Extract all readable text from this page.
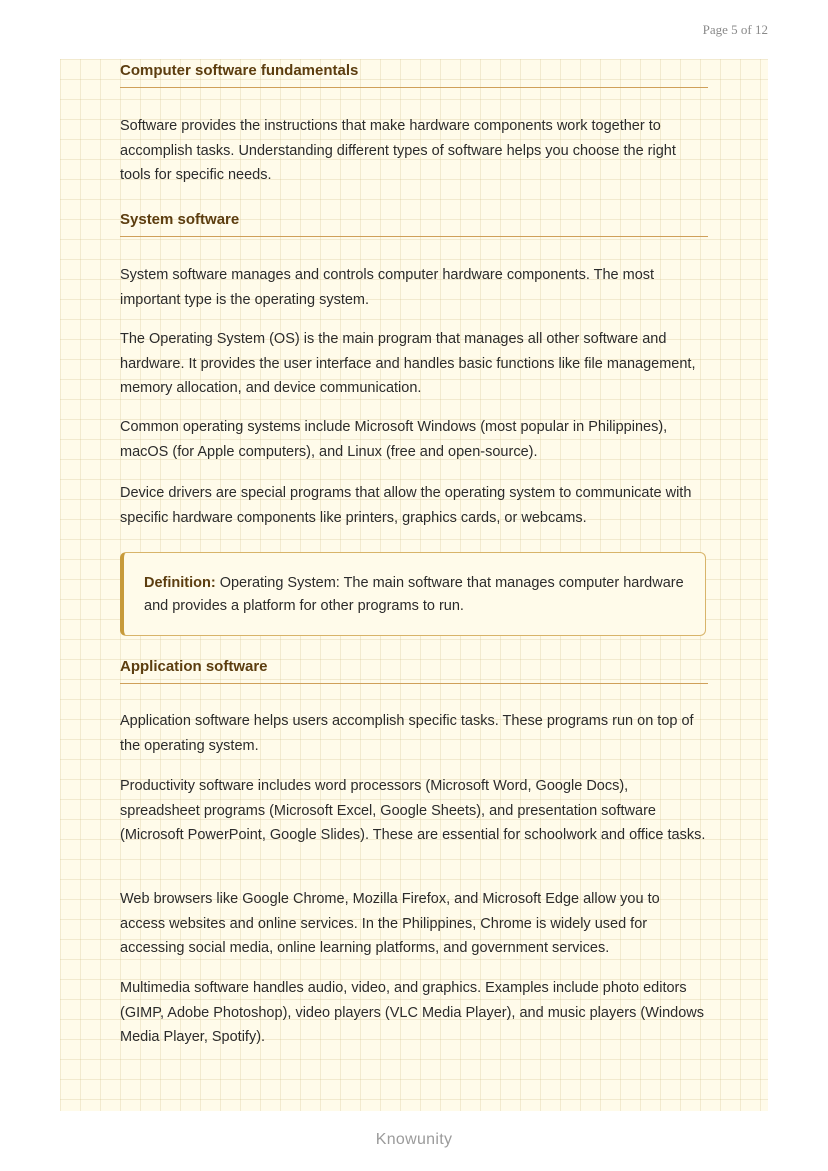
Page 5 of 12
Computer software fundamentals
Software provides the instructions that make hardware components work together to accomplish tasks. Understanding different types of software helps you choose the right tools for specific needs.
System software
System software manages and controls computer hardware components. The most important type is the operating system.
The Operating System (OS) is the main program that manages all other software and hardware. It provides the user interface and handles basic functions like file management, memory allocation, and device communication.
Common operating systems include Microsoft Windows (most popular in Philippines), macOS (for Apple computers), and Linux (free and open-source).
Device drivers are special programs that allow the operating system to communicate with specific hardware components like printers, graphics cards, or webcams.
Definition: Operating System: The main software that manages computer hardware and provides a platform for other programs to run.
Application software
Application software helps users accomplish specific tasks. These programs run on top of the operating system.
Productivity software includes word processors (Microsoft Word, Google Docs), spreadsheet programs (Microsoft Excel, Google Sheets), and presentation software (Microsoft PowerPoint, Google Slides). These are essential for schoolwork and office tasks.
Web browsers like Google Chrome, Mozilla Firefox, and Microsoft Edge allow you to access websites and online services. In the Philippines, Chrome is widely used for accessing social media, online learning platforms, and government services.
Multimedia software handles audio, video, and graphics. Examples include photo editors (GIMP, Adobe Photoshop), video players (VLC Media Player), and music players (Windows Media Player, Spotify).
Knowunity
